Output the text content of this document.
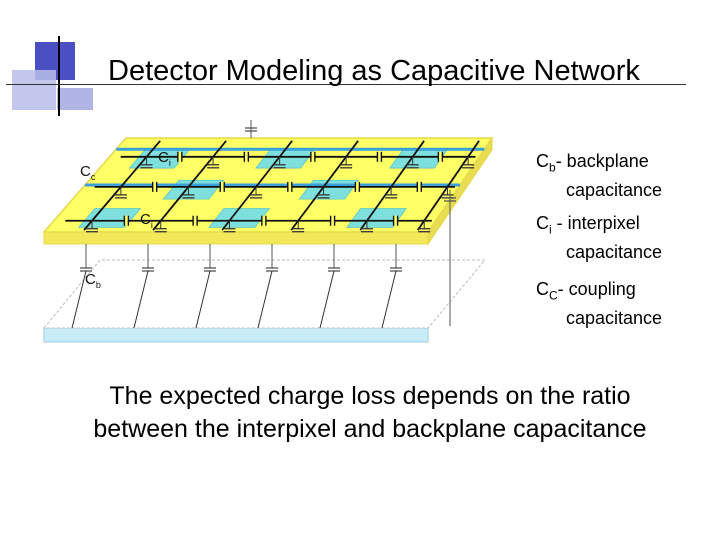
Detector Modeling as Capacitive Network
$C_c$
$C_i$
$C_i$
$C_b$
$C_b-$ backplane
capacitance
$C_i$ - interpixel
capacitance
$C_C-$ coupling
capacitance

The expected charge loss depends on the ratio between the interpixel and backplane capacitance
